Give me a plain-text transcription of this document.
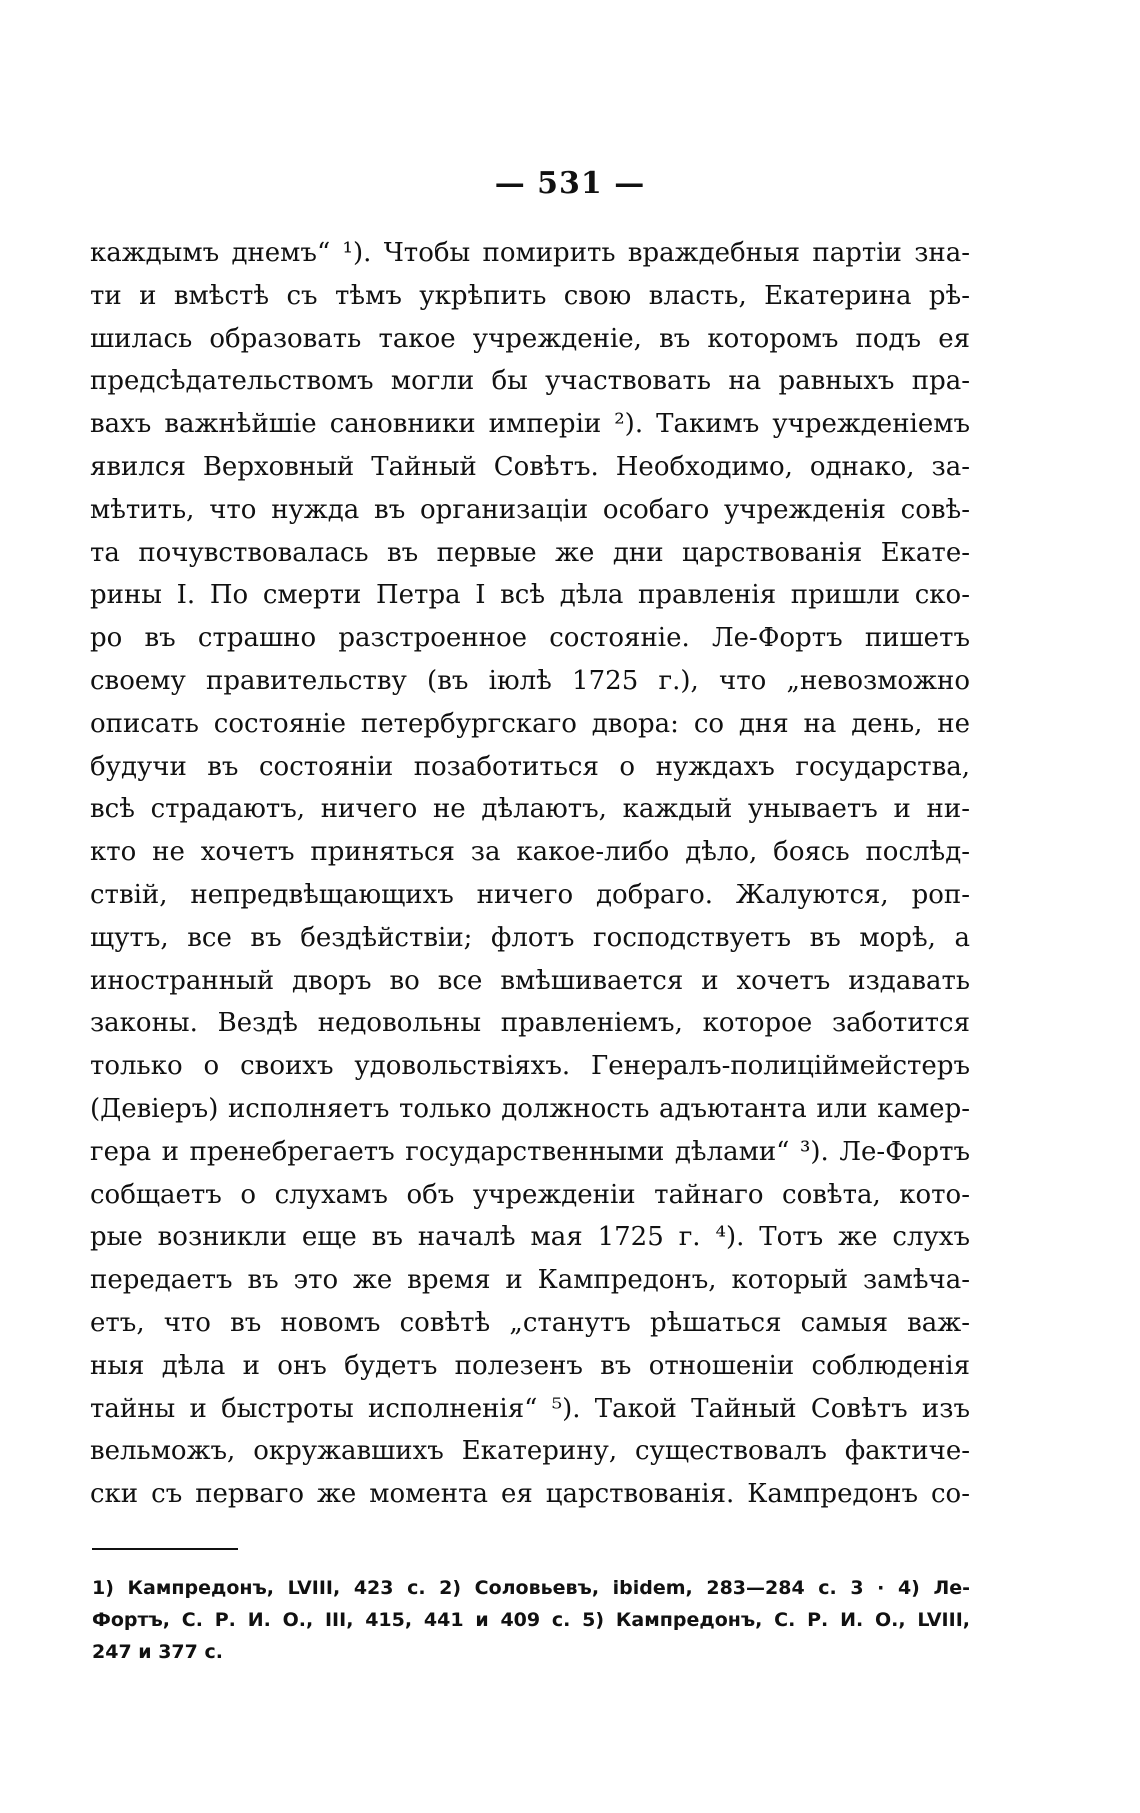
— 531 —
каждымъ днемъ“ ¹). Чтобы помирить враждебныя партіи зна-
ти и вмѣстѣ съ тѣмъ укрѣпить свою власть, Екатерина рѣ-
шилась образовать такое учрежденіе, въ которомъ подъ ея
предсѣдательствомъ могли бы участвовать на равныхъ пра-
вахъ важнѣйшіе сановники имперіи ²). Такимъ учрежденіемъ
явился Верховный Тайный Совѣтъ. Необходимо, однако, за-
мѣтить, что нужда въ организаціи особаго учрежденія совѣ-
та почувствовалась въ первые же дни царствованія Екате-
рины I. По смерти Петра I всѣ дѣла правленія пришли ско-
ро въ страшно разстроенное состояніе. Ле-Фортъ пишетъ
своему правительству (въ іюлѣ 1725 г.), что „невозможно
описать состояніе петербургскаго двора: со дня на день, не
будучи въ состояніи позаботиться о нуждахъ государства,
всѣ страдаютъ, ничего не дѣлаютъ, каждый унываетъ и ни-
кто не хочетъ приняться за какое-либо дѣло, боясь послѣд-
ствій, непредвѣщающихъ ничего добраго. Жалуются, роп-
щутъ, все въ бездѣйствіи; флотъ господствуетъ въ морѣ, а
иностранный дворъ во все вмѣшивается и хочетъ издавать
законы. Вездѣ недовольны правленіемъ, которое заботится
только о своихъ удовольствіяхъ. Генералъ-полиціймейстеръ
(Девіеръ) исполняетъ только должность адъютанта или камер-
гера и пренебрегаетъ государственными дѣлами“ ³). Ле-Фортъ
собщаетъ о слухамъ объ учрежденіи тайнаго совѣта, кото-
рые возникли еще въ началѣ мая 1725 г. ⁴). Тотъ же слухъ
передаетъ въ это же время и Кампредонъ, который замѣча-
етъ, что въ новомъ совѣтѣ „станутъ рѣшаться самыя важ-
ныя дѣла и онъ будетъ полезенъ въ отношеніи соблюденія
тайны и быстроты исполненія“ ⁵). Такой Тайный Совѣтъ изъ
вельможъ, окружавшихъ Екатерину, существовалъ фактиче-
ски съ перваго же момента ея царствованія. Кампредонъ со-
1) Кампредонъ, LVIII, 423 с. 2) Соловьевъ, ibidem, 283—284 с. 3 · 4) Ле-
Фортъ, С. Р. И. О., III, 415, 441 и 409 с. 5) Кампредонъ, С. Р. И. О., LVIII,
247 и 377 с.
